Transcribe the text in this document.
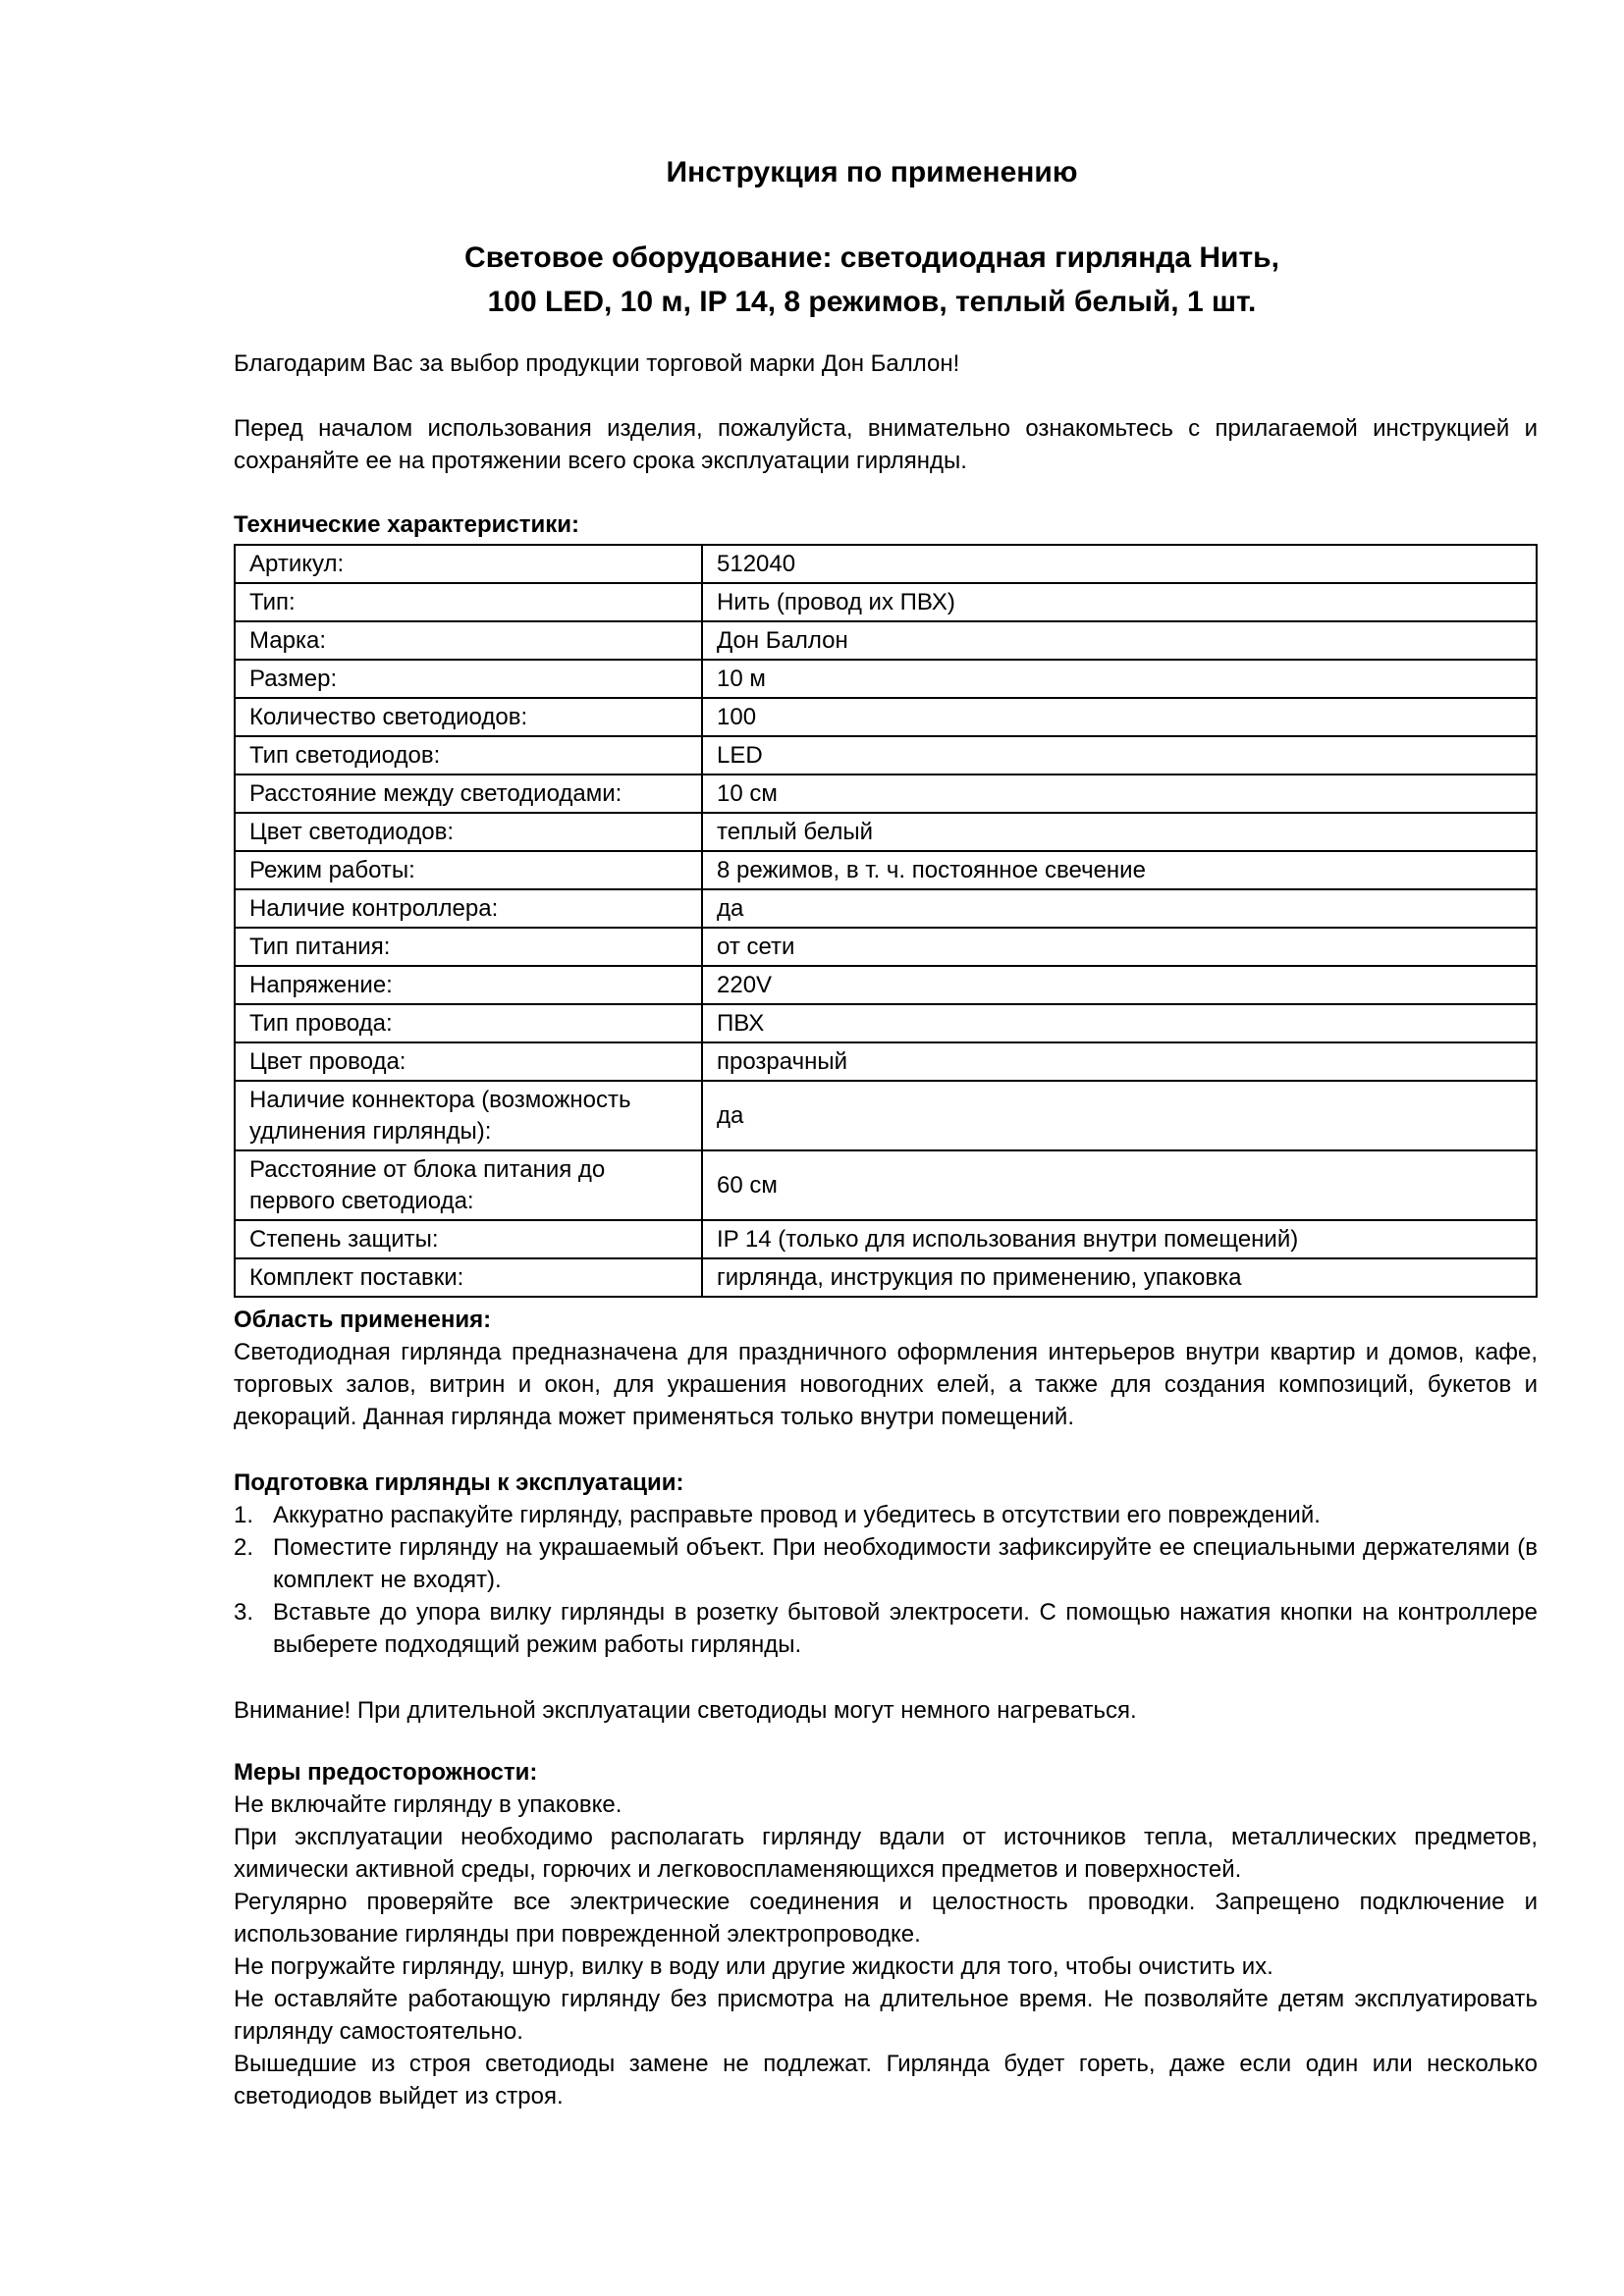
Инструкция по применению
Световое оборудование: светодиодная гирлянда Нить,
100 LED, 10 м, IP 14, 8 режимов, теплый белый, 1 шт.
Благодарим Вас за выбор продукции торговой марки Дон Баллон!
Перед началом использования изделия, пожалуйста, внимательно ознакомьтесь с прилагаемой инструкцией и сохраняйте ее на протяжении всего срока эксплуатации гирлянды.
Технические характеристики:
Артикул:	512040
Тип:	Нить (провод их ПВХ)
Марка:	Дон Баллон
Размер:	10 м
Количество светодиодов:	100
Тип светодиодов:	LED
Расстояние между светодиодами:	10 см
Цвет светодиодов:	теплый белый
Режим работы:	8 режимов, в т. ч. постоянное свечение
Наличие контроллера:	да
Тип питания:	от сети
Напряжение:	220V
Тип провода:	ПВХ
Цвет провода:	прозрачный
Наличие коннектора (возможность удлинения гирлянды):	да
Расстояние от блока питания до первого светодиода:	60 см
Степень защиты:	IP 14 (только для использования внутри помещений)
Комплект поставки:	гирлянда, инструкция по применению, упаковка
Область применения:
Светодиодная гирлянда предназначена для праздничного оформления интерьеров внутри квартир и домов, кафе, торговых залов, витрин и окон, для украшения новогодних елей, а также для создания композиций, букетов и декораций. Данная гирлянда может применяться только внутри помещений.
Подготовка гирлянды к эксплуатации:
1. Аккуратно распакуйте гирлянду, расправьте провод и убедитесь в отсутствии его повреждений.
2. Поместите гирлянду на украшаемый объект. При необходимости зафиксируйте ее специальными держателями (в комплект не входят).
3. Вставьте до упора вилку гирлянды в розетку бытовой электросети. С помощью нажатия кнопки на контроллере выберете подходящий режим работы гирлянды.
Внимание! При длительной эксплуатации светодиоды могут немного нагреваться.
Меры предосторожности:

Не включайте гирлянду в упаковке.

При эксплуатации необходимо располагать гирлянду вдали от источников тепла, металлических предметов, химически активной среды, горючих и легковоспламеняющихся предметов и поверхностей.

Регулярно проверяйте все электрические соединения и целостность проводки. Запрещено подключение и использование гирлянды при поврежденной электропроводке.

Не погружайте гирлянду, шнур, вилку в воду или другие жидкости для того, чтобы очистить их.

Не оставляйте работающую гирлянду без присмотра на длительное время. Не позволяйте детям эксплуатировать гирлянду самостоятельно.

Вышедшие из строя светодиоды замене не подлежат. Гирлянда будет гореть, даже если один или несколько светодиодов выйдет из строя.
